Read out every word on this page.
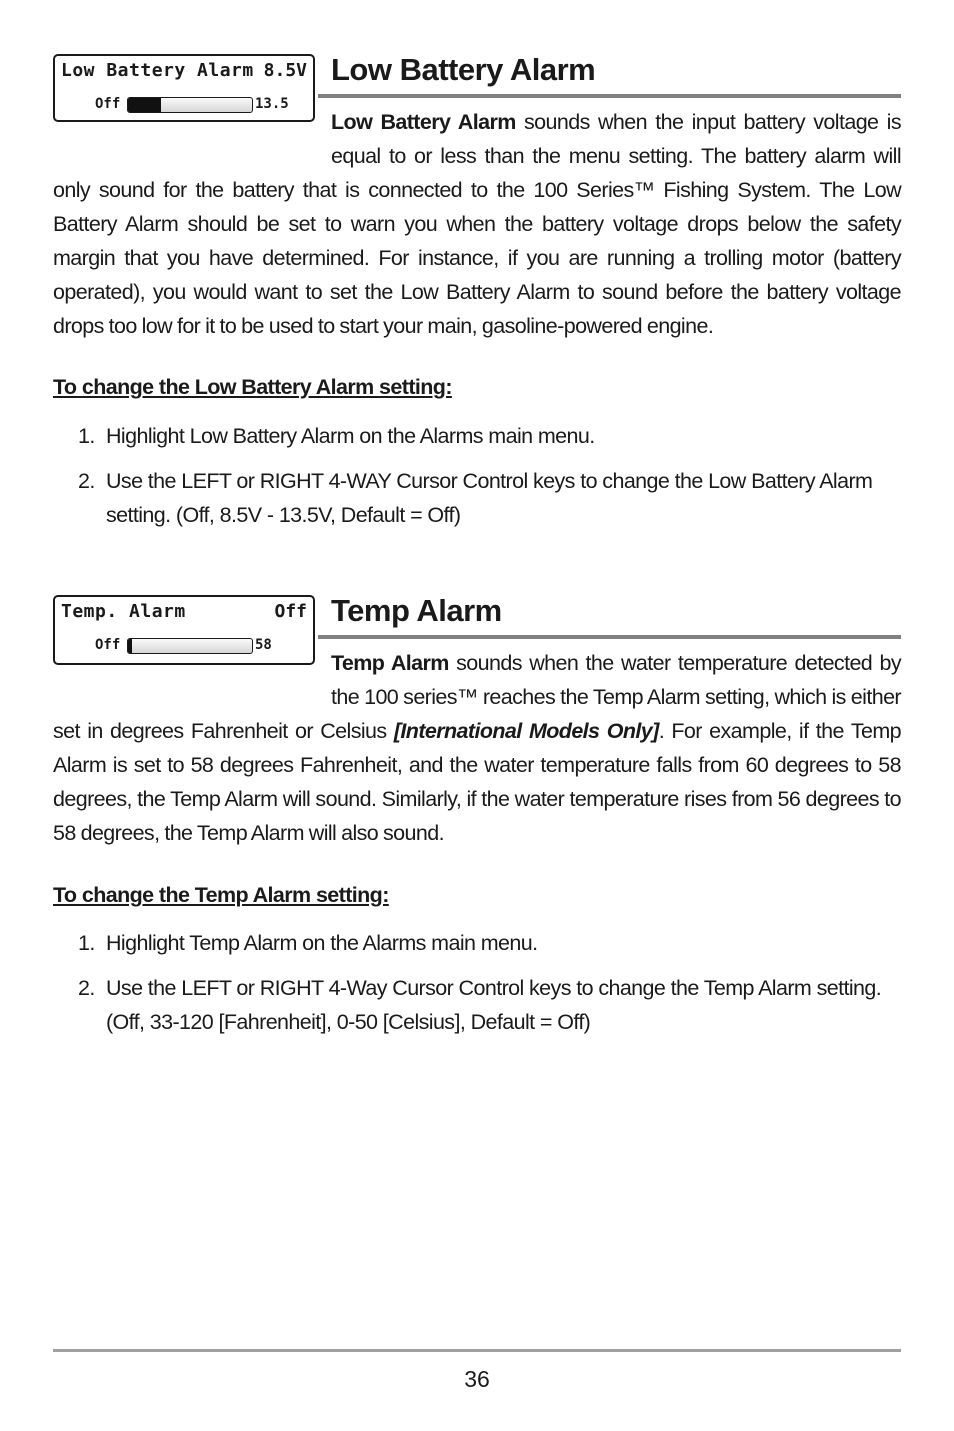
Low Battery Alarm 8.5V
Off	13.5
Low Battery Alarm
Low Battery Alarm sounds when the input battery voltage is equal to or less than the menu setting. The battery alarm will only sound for the battery that is connected to the 100 Series™ Fishing System. The Low Battery Alarm should be set to warn you when the battery voltage drops below the safety margin that you have determined. For instance, if you are running a trolling motor (battery operated), you would want to set the Low Battery Alarm to sound before the battery voltage drops too low for it to be used to start your main, gasoline-powered engine.
To change the Low Battery Alarm setting:
1. Highlight Low Battery Alarm on the Alarms main menu.
2. Use the LEFT or RIGHT 4-WAY Cursor Control keys to change the Low Battery Alarm setting. (Off, 8.5V - 13.5V, Default = Off)
Temp. Alarm	Off
Off	58
Temp Alarm
Temp Alarm sounds when the water temperature detected by the 100 series™ reaches the Temp Alarm setting, which is either set in degrees Fahrenheit or Celsius [International Models Only]. For example, if the Temp Alarm is set to 58 degrees Fahrenheit, and the water temperature falls from 60 degrees to 58 degrees, the Temp Alarm will sound. Similarly, if the water temperature rises from 56 degrees to 58 degrees, the Temp Alarm will also sound.
To change the Temp Alarm setting:
1. Highlight Temp Alarm on the Alarms main menu.
2. Use the LEFT or RIGHT 4-Way Cursor Control keys to change the Temp Alarm setting. (Off, 33-120 [Fahrenheit], 0-50 [Celsius], Default = Off)
36
